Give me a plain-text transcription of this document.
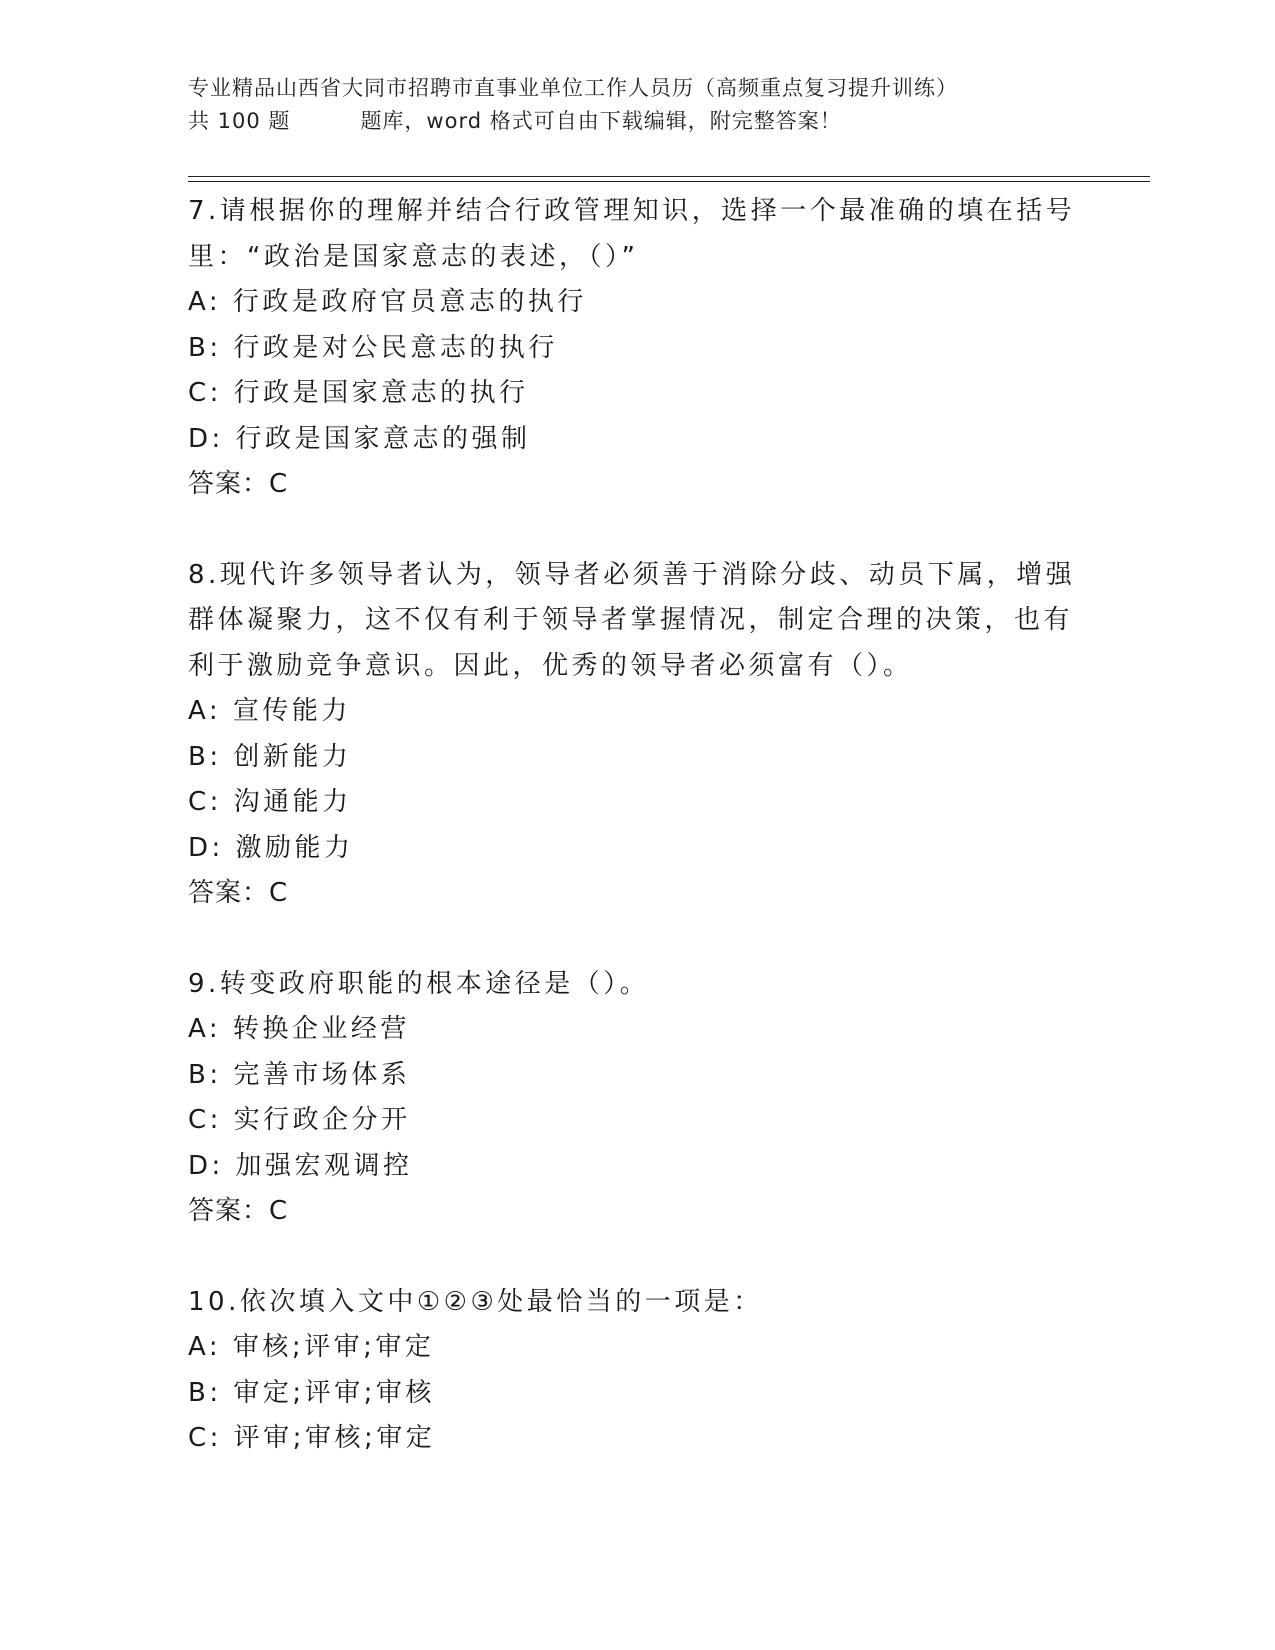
专业精品山西省大同市招聘市直事业单位工作人员历（高频重点复习提升训练）
共 100 题	题库，word 格式可自由下载编辑，附完整答案！
7.请根据你的理解并结合行政管理知识，选择一个最准确的填在括号
里：“政治是国家意志的表述，（）”
A: 行政是政府官员意志的执行
B: 行政是对公民意志的执行
C: 行政是国家意志的执行
D: 行政是国家意志的强制
答案：C
8.现代许多领导者认为，领导者必须善于消除分歧、动员下属，增强
群体凝聚力，这不仅有利于领导者掌握情况，制定合理的决策，也有
利于激励竞争意识。因此，优秀的领导者必须富有（）。
A: 宣传能力
B: 创新能力
C: 沟通能力
D: 激励能力
答案：C
9.转变政府职能的根本途径是（）。
A: 转换企业经营
B: 完善市场体系
C: 实行政企分开
D: 加强宏观调控
答案：C
10.依次填入文中①②③处最恰当的一项是：
A: 审核;评审;审定
B: 审定;评审;审核
C: 评审;审核;审定
